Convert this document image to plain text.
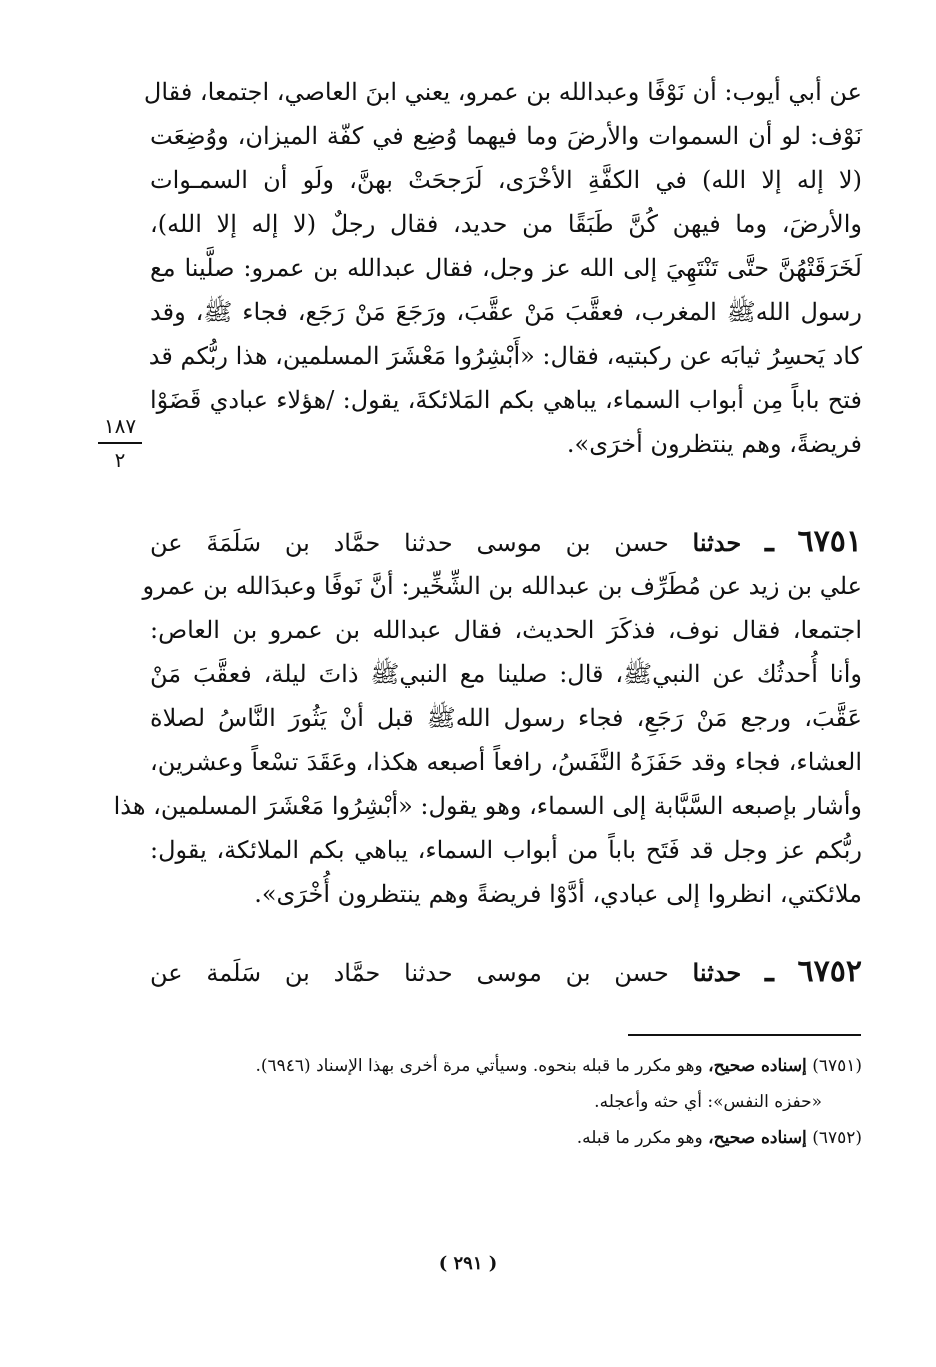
عن أبي أيوب: أن نَوْفًا وعبدالله بن عمرو، يعني ابنَ العاصي، اجتمعا، فقال
نَوْف: لو أن السموات والأرضَ وما فيهما وُضِع في كفّة الميزان، ووُضِعَت
(لا إله إلا الله) في الكفَّةِ الأخْرَى، لَرَجحَتْ بهنَّ، ولَو أن السمـوات
والأرضَ، وما فيهن كُنَّ طَبَقًا من حديد، فقال رجلٌ (لا إله إلا الله)،
لَخَرَقَتْهُنَّ حتَّى تَنْتَهِيَ إلى الله عز وجل، فقال عبدالله بن عمرو: صلَّينا مع
رسول اللهﷺ المغرب، فعقَّبَ مَنْ عقَّبَ، ورَجَعَ مَنْ رَجَع، فجاء ﷺ، وقد
كاد يَحسِرُ ثيابَه عن ركبتيه، فقال: «أَبْشِرُوا مَعْشَرَ المسلمين، هذا ربُّكم قد
فتح باباً مِن أبواب السماء، يباهي بكم المَلائكةَ، يقول: /هؤلاء عبادي قَضَوْا
فريضةً، وهم ينتظرون أخرَى».
١٨٧
٢
٦٧٥١ ـ حدثنا حسن بن موسى حدثنا حمَّاد بن سَلَمَةَ عن
علي بن زيد عن مُطَرِّف بن عبدالله بن الشِّخِّير: أنَّ نَوفًا وعبدَالله بن عمرو
اجتمعا، فقال نوف، فذكَرَ الحديث، فقال عبدالله بن عمرو بن العاص:
وأنا أُحدثُك عن النبيﷺ، قال: صلينا مع النبيﷺ ذاتَ ليلة، فعقَّبَ مَنْ
عَقَّبَ، ورجع مَنْ رَجَعِ، فجاء رسول اللهﷺ قبل أنْ يَثُورَ النَّاسُ لصلاة
العشاء، فجاء وقد حَفَزَهُ النَّفَسُ، رافعاً أصبعه هكذا، وعَقَدَ تسْعاً وعشرين،
وأشار بإصبعه السَّبَّابة إلى السماء، وهو يقول: «أبْشِرُوا مَعْشَرَ المسلمين، هذا
ربُّكم عز وجل قد فَتَح باباً من أبواب السماء، يباهي بكم الملائكة، يقول:
ملائكتي، انظروا إلى عبادي، أدَّوْا فريضةً وهم ينتظرون أُخْرَى».
٦٧٥٢ ـ حدثنا حسن بن موسى حدثنا حمَّاد بن سَلَمة عن
(٦٧٥١) إسناده صحيح، وهو مكرر ما قبله بنحوه. وسيأتي مرة أخرى بهذا الإسناد (٦٩٤٦).
«حفزه النفس»: أي حثه وأعجله.
(٦٧٥٢) إسناده صحيح، وهو مكرر ما قبله.
( ٢٩١ )
